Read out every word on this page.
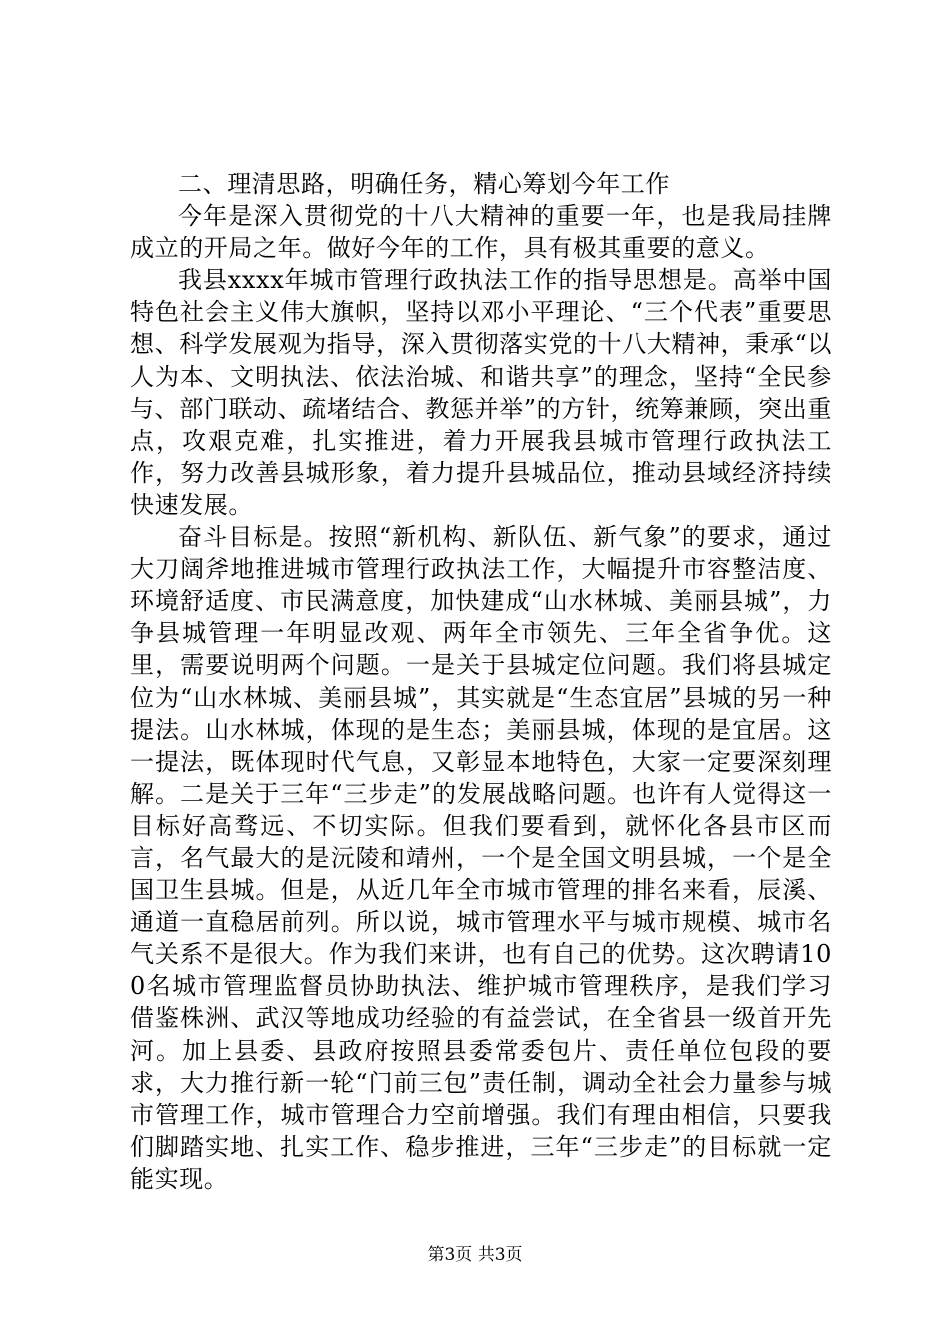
二、理清思路，明确任务，精心筹划今年工作

今年是深入贯彻党的十八大精神的重要一年，也是我局挂牌成立的开局之年。做好今年的工作，具有极其重要的意义。

我县xxxx年城市管理行政执法工作的指导思想是。高举中国特色社会主义伟大旗帜，坚持以邓小平理论、“三个代表”重要思想、科学发展观为指导，深入贯彻落实党的十八大精神，秉承“以人为本、文明执法、依法治城、和谐共享”的理念，坚持“全民参与、部门联动、疏堵结合、教惩并举”的方针，统筹兼顾，突出重点，攻艰克难，扎实推进，着力开展我县城市管理行政执法工作，努力改善县城形象，着力提升县城品位，推动县域经济持续快速发展。

奋斗目标是。按照“新机构、新队伍、新气象”的要求，通过大刀阔斧地推进城市管理行政执法工作，大幅提升市容整洁度、环境舒适度、市民满意度，加快建成“山水林城、美丽县城”，力争县城管理一年明显改观、两年全市领先、三年全省争优。这里，需要说明两个问题。一是关于县城定位问题。我们将县城定位为“山水林城、美丽县城”，其实就是“生态宜居”县城的另一种提法。山水林城，体现的是生态；美丽县城，体现的是宜居。这一提法，既体现时代气息，又彰显本地特色，大家一定要深刻理解。二是关于三年“三步走”的发展战略问题。也许有人觉得这一目标好高骛远、不切实际。但我们要看到，就怀化各县市区而言，名气最大的是沅陵和靖州，一个是全国文明县城，一个是全国卫生县城。但是，从近几年全市城市管理的排名来看，辰溪、通道一直稳居前列。所以说，城市管理水平与城市规模、城市名气关系不是很大。作为我们来讲，也有自己的优势。这次聘请100名城市管理监督员协助执法、维护城市管理秩序，是我们学习借鉴株洲、武汉等地成功经验的有益尝试，在全省县一级首开先河。加上县委、县政府按照县委常委包片、责任单位包段的要求，大力推行新一轮“门前三包”责任制，调动全社会力量参与城市管理工作，城市管理合力空前增强。我们有理由相信，只要我们脚踏实地、扎实工作、稳步推进，三年“三步走”的目标就一定能实现。

第3页 共3页
